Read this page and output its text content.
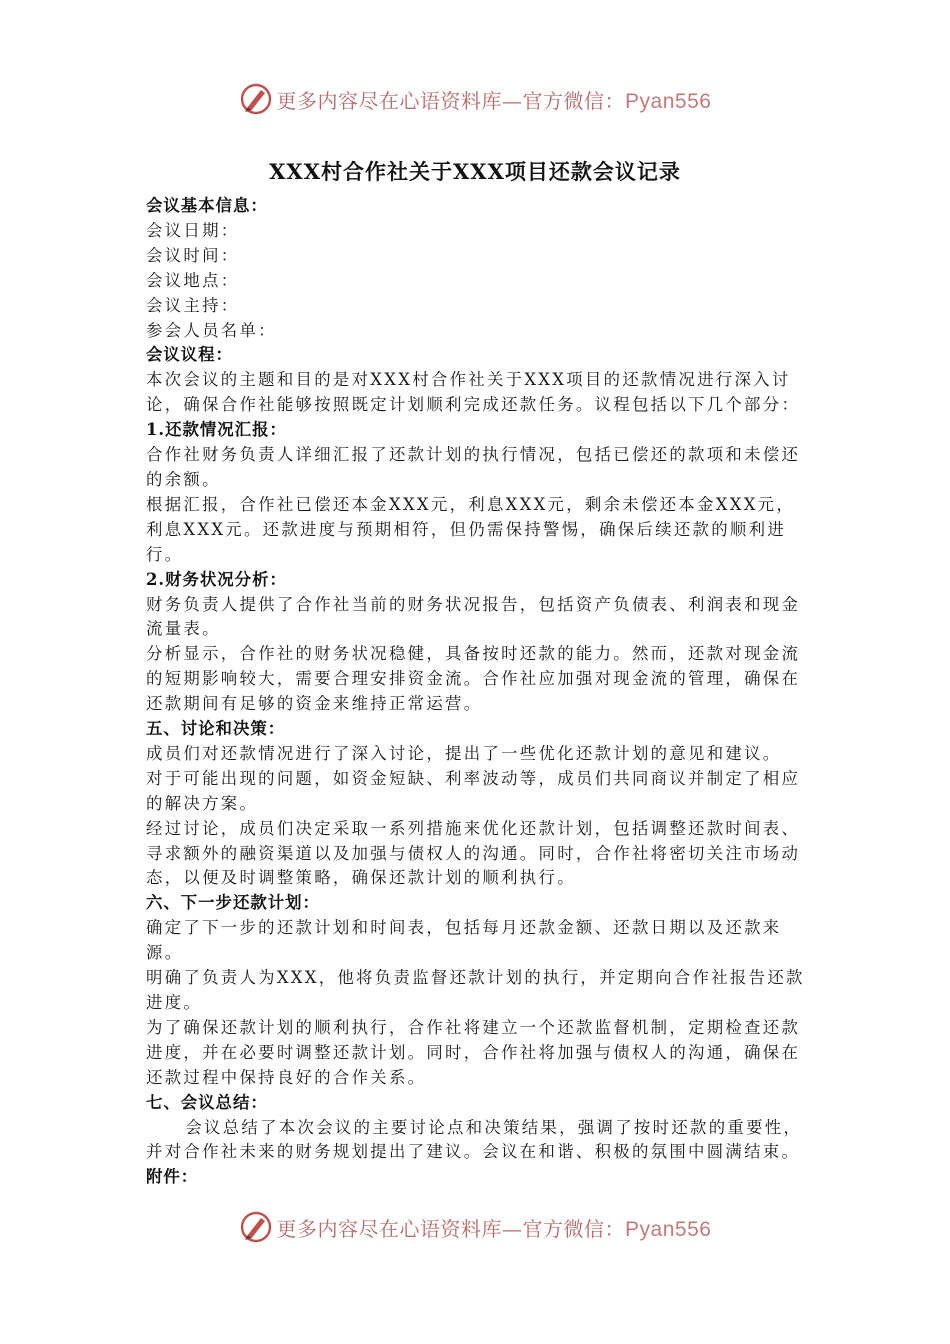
更多内容尽在心语资料库—官方微信：Pyan556
XXX村合作社关于XXX项目还款会议记录

会议基本信息：

会议日期：

会议时间：

会议地点：

会议主持：

参会人员名单：

会议议程：

本次会议的主题和目的是对XXX村合作社关于XXX项目的还款情况进行深入讨论，确保合作社能够按照既定计划顺利完成还款任务。议程包括以下几个部分：

1.还款情况汇报：

合作社财务负责人详细汇报了还款计划的执行情况，包括已偿还的款项和未偿还的余额。

根据汇报，合作社已偿还本金XXX元，利息XXX元，剩余未偿还本金XXX元，利息XXX元。还款进度与预期相符，但仍需保持警惕，确保后续还款的顺利进行。

2.财务状况分析：

财务负责人提供了合作社当前的财务状况报告，包括资产负债表、利润表和现金流量表。

分析显示，合作社的财务状况稳健，具备按时还款的能力。然而，还款对现金流的短期影响较大，需要合理安排资金流。合作社应加强对现金流的管理，确保在还款期间有足够的资金来维持正常运营。

五、讨论和决策：

成员们对还款情况进行了深入讨论，提出了一些优化还款计划的意见和建议。

对于可能出现的问题，如资金短缺、利率波动等，成员们共同商议并制定了相应的解决方案。

经过讨论，成员们决定采取一系列措施来优化还款计划，包括调整还款时间表、寻求额外的融资渠道以及加强与债权人的沟通。同时，合作社将密切关注市场动态，以便及时调整策略，确保还款计划的顺利执行。

六、下一步还款计划：

确定了下一步的还款计划和时间表，包括每月还款金额、还款日期以及还款来源。

明确了负责人为XXX，他将负责监督还款计划的执行，并定期向合作社报告还款进度。

为了确保还款计划的顺利执行，合作社将建立一个还款监督机制，定期检查还款进度，并在必要时调整还款计划。同时，合作社将加强与债权人的沟通，确保在还款过程中保持良好的合作关系。

七、会议总结：

会议总结了本次会议的主要讨论点和决策结果，强调了按时还款的重要性，并对合作社未来的财务规划提出了建议。会议在和谐、积极的氛围中圆满结束。

附件：

更多内容尽在心语资料库—官方微信：Pyan556
